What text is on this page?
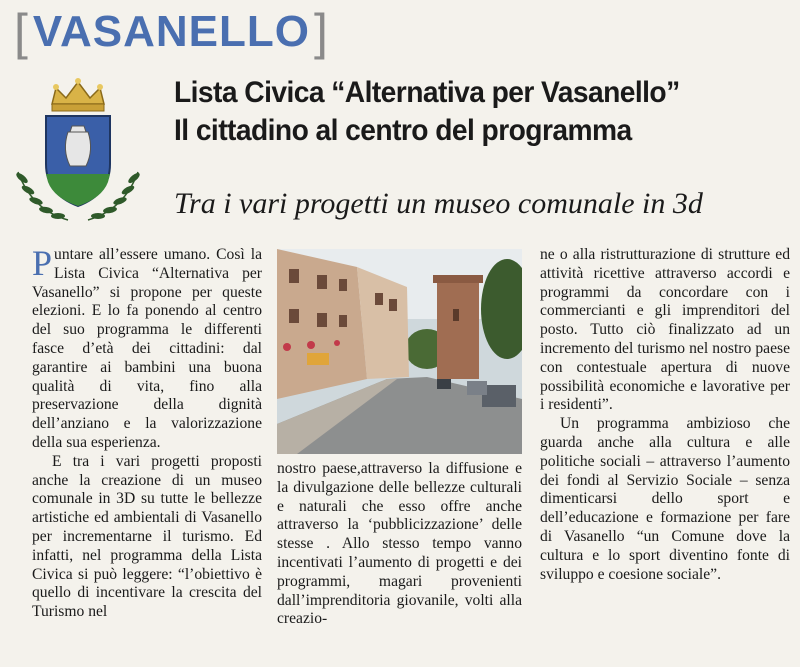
[ VASANELLO ]
Lista Civica “Alternativa per Vasanello”
Il cittadino al centro del programma
Tra i vari progetti un museo comunale in 3d

Puntare all’essere umano. Così la Lista Civica “Alternativa per Vasanello” si propone per queste elezioni. E lo fa ponendo al centro del suo programma le differenti fasce d’età dei cittadini: dal garantire ai bambini una buona qualità di vita, fino alla preservazione della dignità dell’anziano e la valorizzazione della sua esperienza.

E tra i vari progetti proposti anche la creazione di un museo comunale in 3D su tutte le bellezze artistiche ed ambientali di Vasanello per incrementarne il turismo. Ed infatti, nel programma della Lista Civica si può leggere: “l’obiettivo è quello di incentivare la crescita del Turismo nel

nostro paese,attraverso la diffusione e la divulgazione delle bellezze culturali e naturali che esso offre anche attraverso la ‘pubblicizzazione’ delle stesse . Allo stesso tempo vanno incentivati l’aumento di progetti e dei programmi, magari provenienti dall’imprenditoria giovanile, volti alla creazio-

ne o alla ristrutturazione di strutture ed attività ricettive attraverso accordi e programmi da concordare con i commercianti e gli imprenditori del posto. Tutto ciò finalizzato ad un incremento del turismo nel nostro paese con contestuale apertura di nuove possibilità economiche e lavorative per i residenti”.

Un programma ambizioso che guarda anche alla cultura e alle politiche sociali – attraverso l’aumento dei fondi al Servizio Sociale – senza dimenticarsi dello sport e dell’educazione e formazione per fare di Vasanello “un Comune dove la cultura e lo sport diventino fonte di sviluppo e coesione sociale”.
